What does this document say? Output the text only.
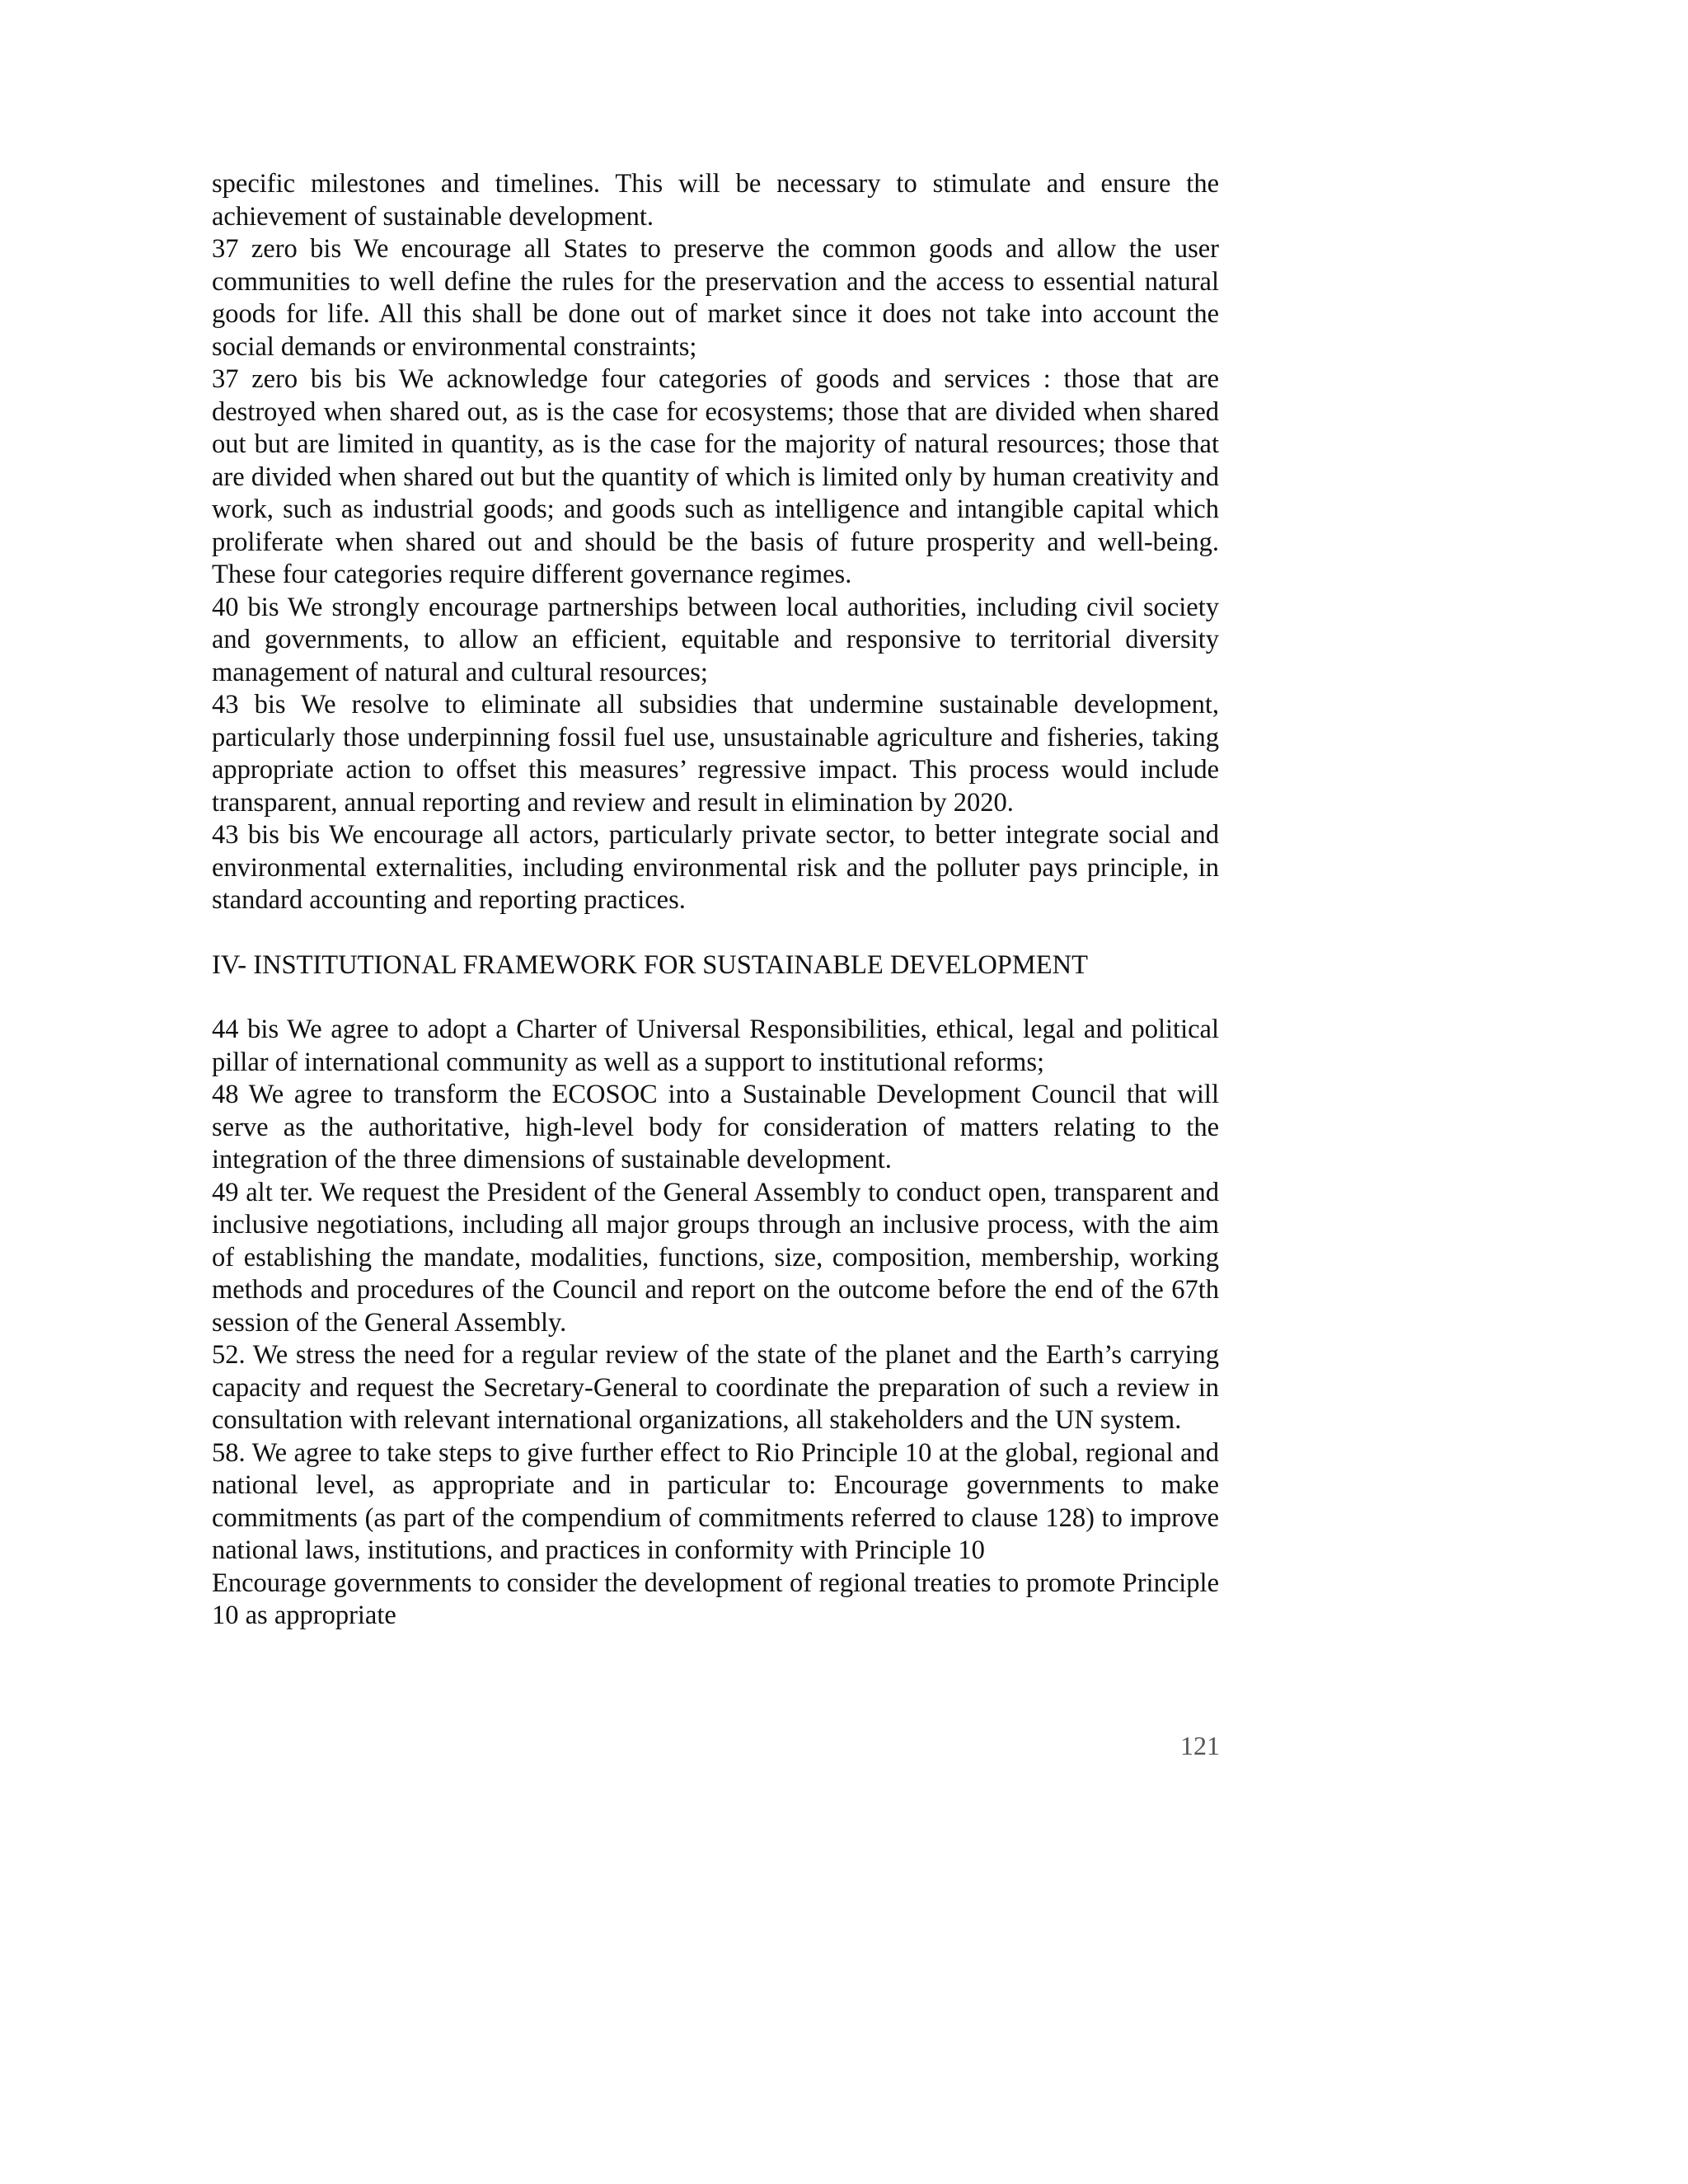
specific milestones and timelines. This will be necessary to stimulate and ensure the achievement of sustainable development.

37 zero bis We encourage all States to preserve the common goods and allow the user communities to well define the rules for the preservation and the access to essential natural goods for life. All this shall be done out of market since it does not take into account the social demands or environmental constraints;

37 zero bis bis We acknowledge four categories of goods and services : those that are destroyed when shared out, as is the case for ecosystems; those that are divided when shared out but are limited in quantity, as is the case for the majority of natural resources; those that are divided when shared out but the quantity of which is limited only by human creativity and work, such as industrial goods; and goods such as intelligence and intangible capital which proliferate when shared out and should be the basis of future prosperity and well-being. These four categories require different governance regimes.

40 bis We strongly encourage partnerships between local authorities, including civil society and governments, to allow an efficient, equitable and responsive to territorial diversity management of natural and cultural resources;

43 bis We resolve to eliminate all subsidies that undermine sustainable development, particularly those underpinning fossil fuel use, unsustainable agriculture and fisheries, taking appropriate action to offset this measures’ regressive impact. This process would include transparent, annual reporting and review and result in elimination by 2020.

43 bis bis We encourage all actors, particularly private sector, to better integrate social and environmental externalities, including environmental risk and the polluter pays principle, in standard accounting and reporting practices.

IV- INSTITUTIONAL FRAMEWORK FOR SUSTAINABLE DEVELOPMENT

44 bis We agree to adopt a Charter of Universal Responsibilities, ethical, legal and political pillar of international community as well as a support to institutional reforms;

48 We agree to transform the ECOSOC into a Sustainable Development Council that will serve as the authoritative, high-level body for consideration of matters relating to the integration of the three dimensions of sustainable development.

49 alt ter. We request the President of the General Assembly to conduct open, transparent and inclusive negotiations, including all major groups through an inclusive process, with the aim of establishing the mandate, modalities, functions, size, composition, membership, working methods and procedures of the Council and report on the outcome before the end of the 67th session of the General Assembly.

52. We stress the need for a regular review of the state of the planet and the Earth’s carrying capacity and request the Secretary-General to coordinate the preparation of such a review in consultation with relevant international organizations, all stakeholders and the UN system.

58. We agree to take steps to give further effect to Rio Principle 10 at the global, regional and national level, as appropriate and in particular to: Encourage governments to make commitments (as part of the compendium of commitments referred to clause 128) to improve national laws, institutions, and practices in conformity with Principle 10

Encourage governments to consider the development of regional treaties to promote Principle 10 as appropriate

121
